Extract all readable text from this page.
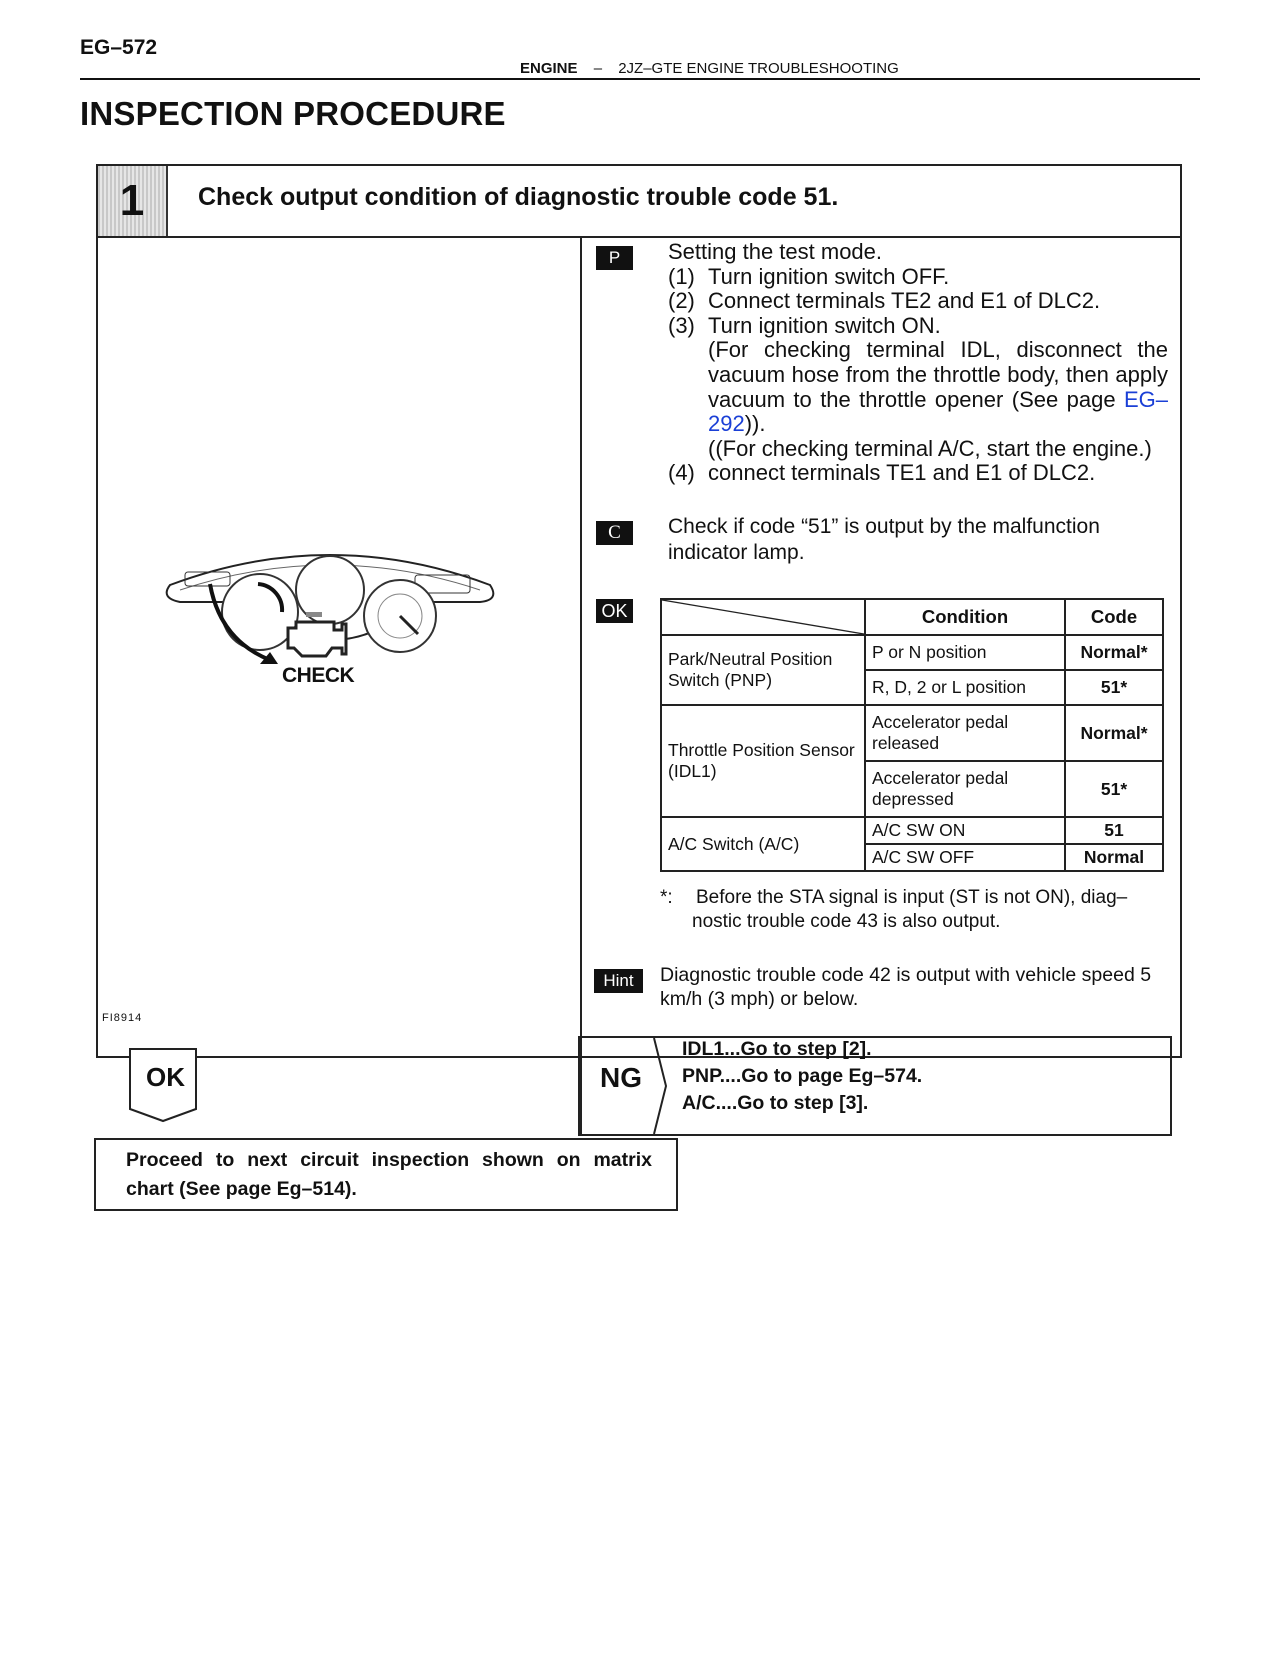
EG–572
ENGINE – 2JZ–GTE ENGINE TROUBLESHOOTING
INSPECTION PROCEDURE
1	Check output condition of diagnostic trouble code 51.
CHECK
FI8914
P	Setting the test mode.
(1) Turn ignition switch OFF.
(2) Connect terminals TE2 and E1 of DLC2.
(3) Turn ignition switch ON.
(For checking terminal IDL, disconnect the vacuum hose from the throttle body, then apply vacuum to the throttle opener (See page EG–292)).
((For checking terminal A/C, start the engine.)
(4) connect terminals TE1 and E1 of DLC2.
C	Check if code “51” is output by the malfunction indicator lamp.
OK
		Condition	Code
Park/Neutral Position Switch (PNP)	P or N position	Normal*
	R, D, 2 or L position	51*
Throttle Position Sensor (IDL1)	Accelerator pedal released	Normal*
	Accelerator pedal depressed	51*
A/C Switch (A/C)	A/C SW ON	51
	A/C SW OFF	Normal
*: Before the STA signal is input (ST is not ON), diag–
nostic trouble code 43 is also output.
Hint	Diagnostic trouble code 42 is output with vehicle speed 5 km/h (3 mph) or below.
NG
IDL1...Go to step [2].
PNP....Go to page Eg–574.
A/C....Go to step [3].
OK
Proceed to next circuit inspection shown on matrix chart (See page Eg–514).
